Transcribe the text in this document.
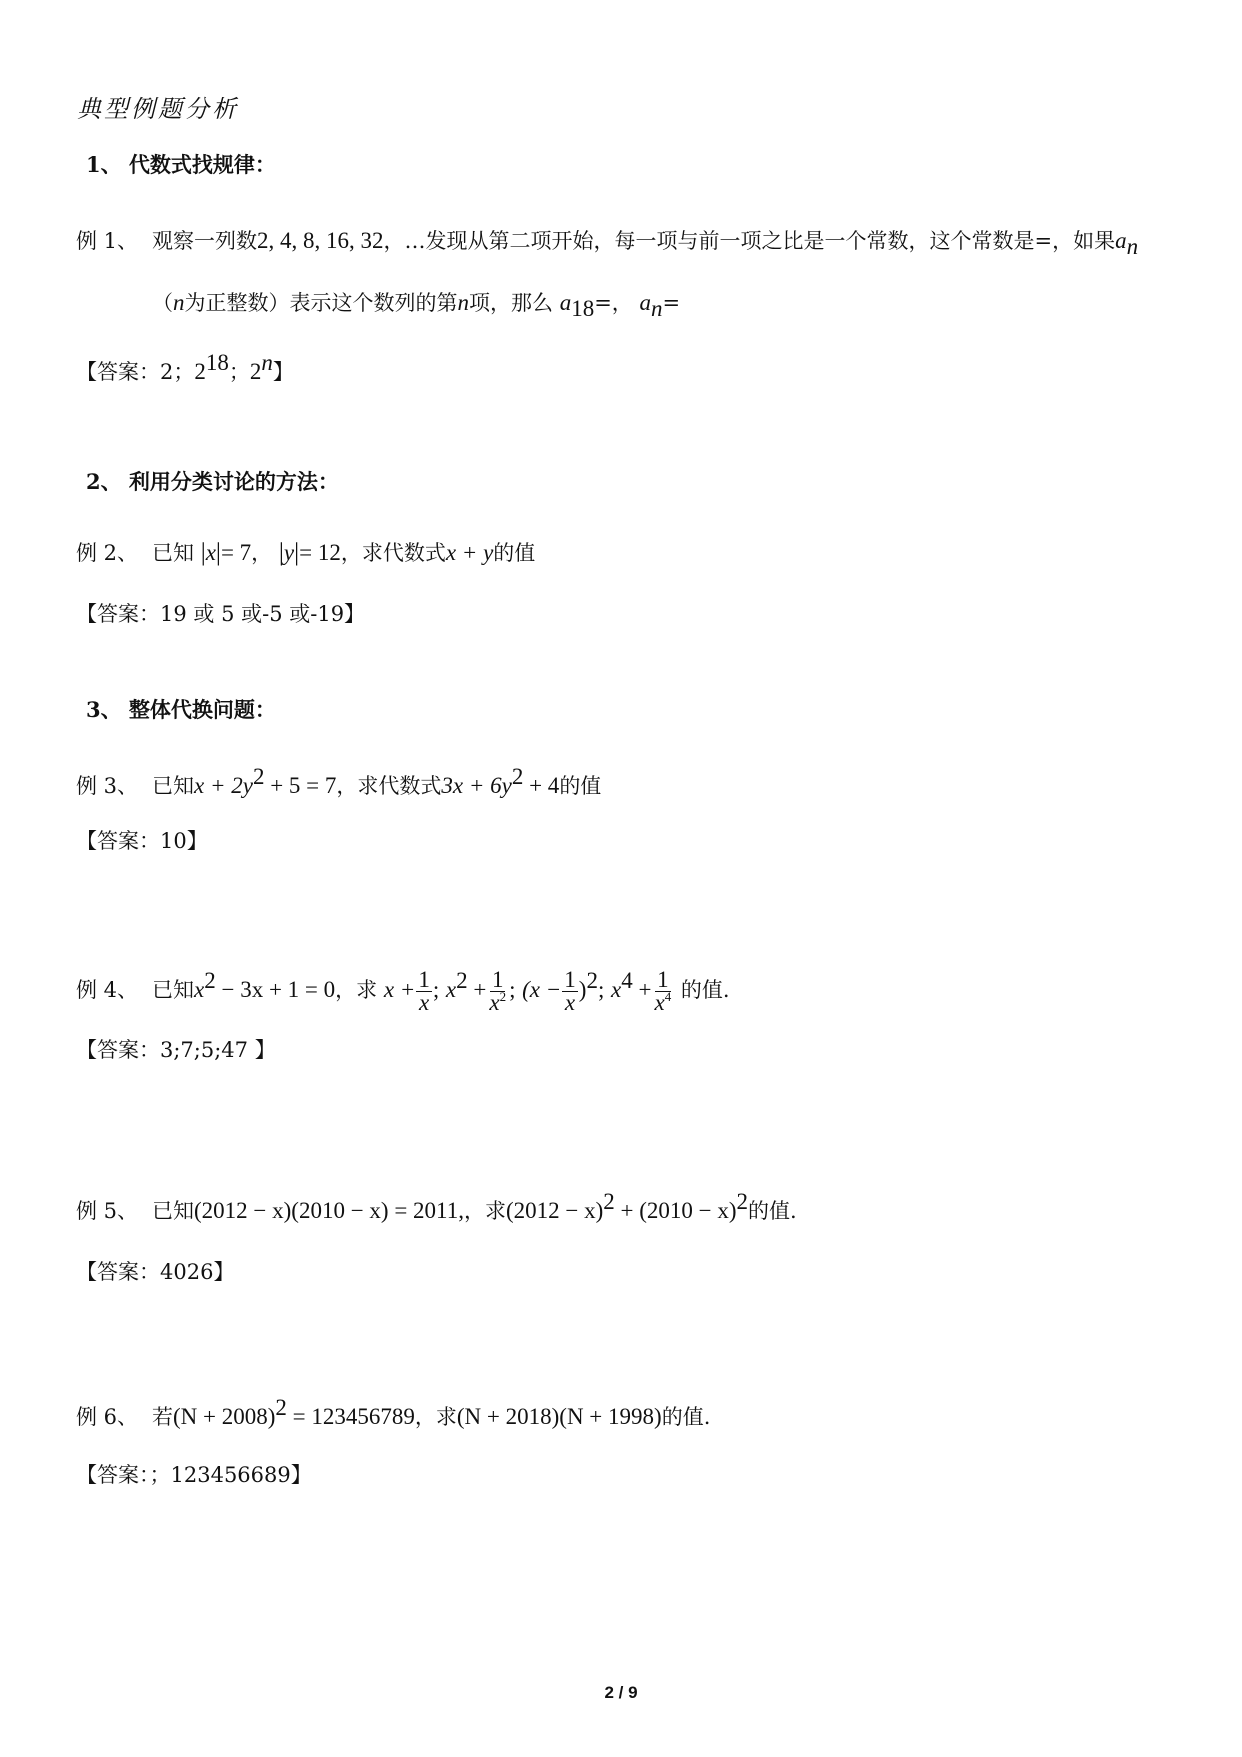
典型例题分析
1、 代数式找规律：
例 1、 观察一列数2, 4, 8, 16, 32，…发现从第二项开始，每一项与前一项之比是一个常数，这个常数是=，如果$a_n$
（n为正整数）表示这个数列的第n项，那么 $a_{18}=$， $a_n=$
【答案：2；$2^{18}$；2$^n$】
2、 利用分类讨论的方法：
例 2、 已知 |x|= 7， |y|= 12，求代数式x + y的值
【答案：19 或 5 或-5 或-19】
3、 整体代换问题：
例 3、 已知$x + 2y^2 + 5 = 7$，求代数式$3x + 6y^2 + 4$的值
【答案：10】
例 4、 已知$x^2 - 3x + 1 = 0$，求 $x + \frac{1}{x}$ ; $x^2 + \frac{1}{x^2}$ ; $(x - \frac{1}{x} )^2$; $x^4 + \frac{1}{x^4}$ 的值.
【答案：3;7;5;47 】
例 5、 已知(2012 − x)(2010 − x) = 2011,，求$(2012 - x)^2 + (2010 - x)^2$的值.
【答案：4026】
例 6、 若$(N + 2008)^2 = 123456789$，求(N + 2018)(N + 1998)的值.
【答案：；123456689】
2 / 9
